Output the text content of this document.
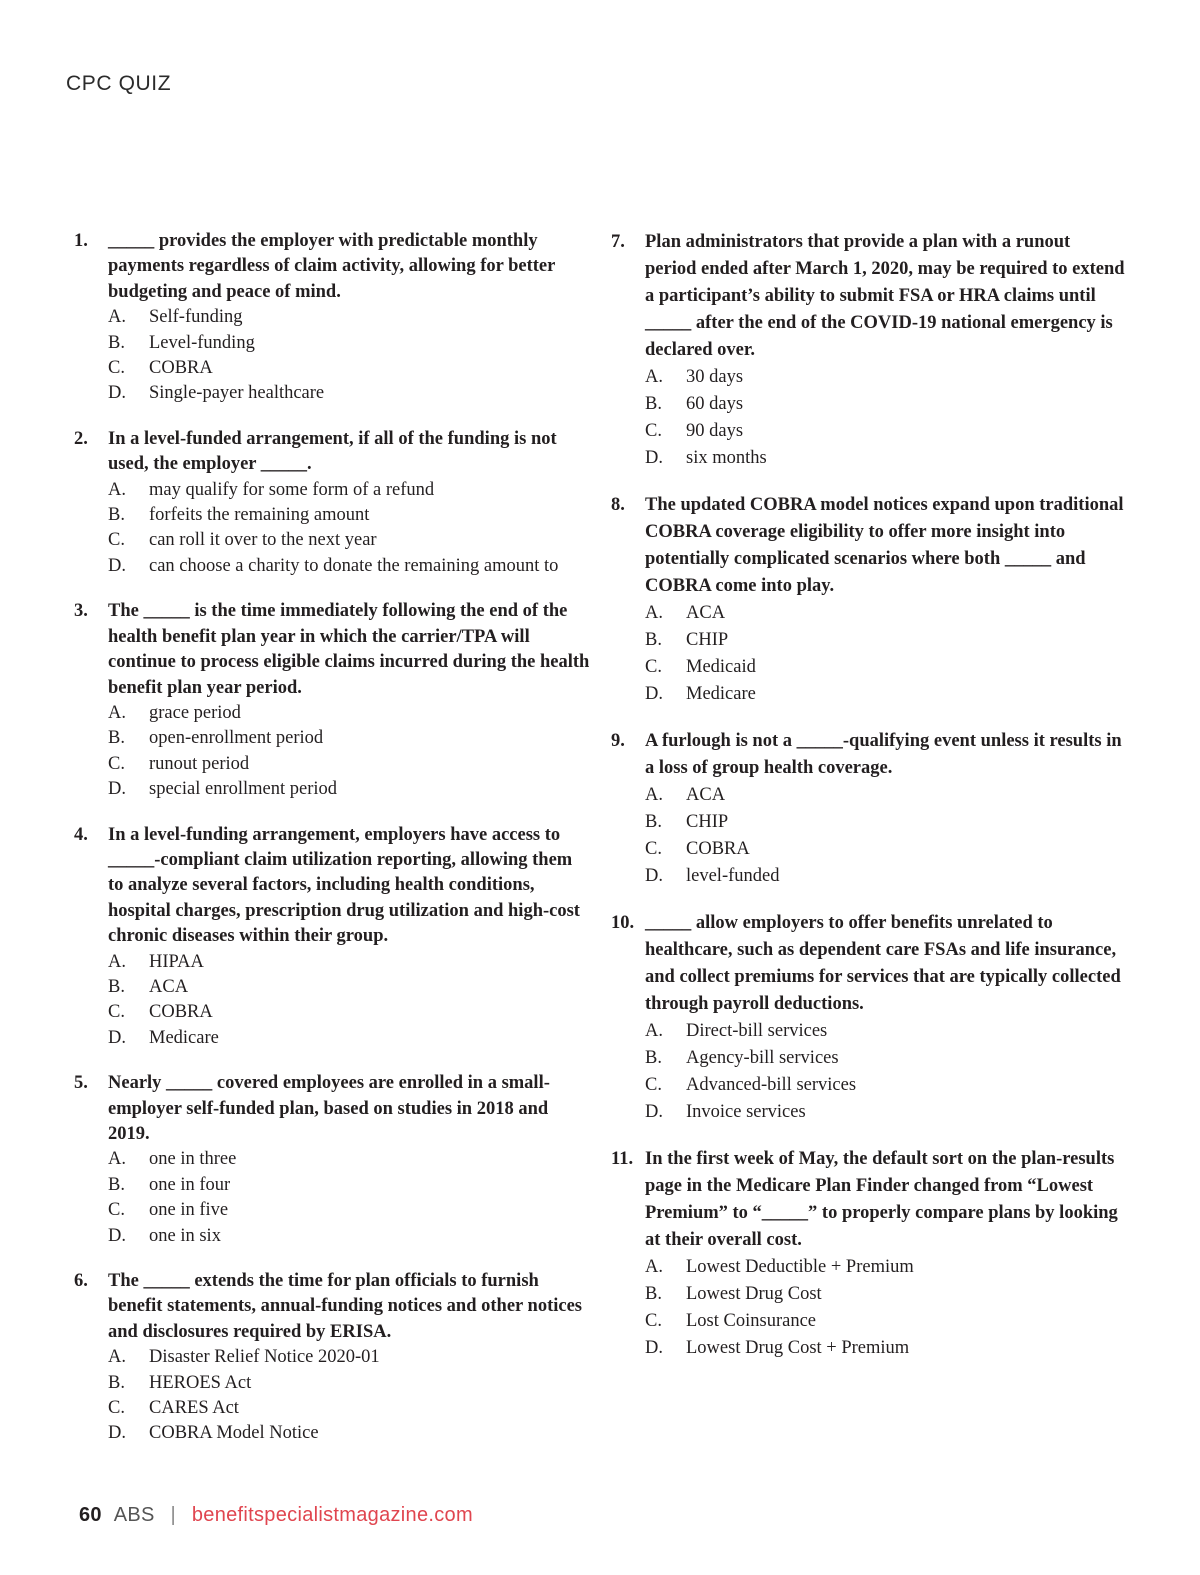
CPC QUIZ
1.	_____ provides the employer with predictable monthly payments regardless of claim activity, allowing for better budgeting and peace of mind.
A.	Self-funding
B.	Level-funding
C.	COBRA
D.	Single-payer healthcare
2.	In a level-funded arrangement, if all of the funding is not used, the employer _____.
A.	may qualify for some form of a refund
B.	forfeits the remaining amount
C.	can roll it over to the next year
D.	can choose a charity to donate the remaining amount to
3.	The _____ is the time immediately following the end of the health benefit plan year in which the carrier/TPA will continue to process eligible claims incurred during the health benefit plan year period.
A.	grace period
B.	open-enrollment period
C.	runout period
D.	special enrollment period
4.	In a level-funding arrangement, employers have access to _____-compliant claim utilization reporting, allowing them to analyze several factors, including health conditions, hospital charges, prescription drug utilization and high-cost chronic diseases within their group.
A.	HIPAA
B.	ACA
C.	COBRA
D.	Medicare
5.	Nearly _____ covered employees are enrolled in a small-employer self-funded plan, based on studies in 2018 and 2019.
A.	one in three
B.	one in four
C.	one in five
D.	one in six
6.	The _____ extends the time for plan officials to furnish benefit statements, annual-funding notices and other notices and disclosures required by ERISA.
A.	Disaster Relief Notice 2020-01
B.	HEROES Act
C.	CARES Act
D.	COBRA Model Notice
7.	Plan administrators that provide a plan with a runout period ended after March 1, 2020, may be required to extend a participant’s ability to submit FSA or HRA claims until _____ after the end of the COVID-19 national emergency is declared over.
A.	30 days
B.	60 days
C.	90 days
D.	six months
8.	The updated COBRA model notices expand upon traditional COBRA coverage eligibility to offer more insight into potentially complicated scenarios where both _____ and COBRA come into play.
A.	ACA
B.	CHIP
C.	Medicaid
D.	Medicare
9.	A furlough is not a _____-qualifying event unless it results in a loss of group health coverage.
A.	ACA
B.	CHIP
C.	COBRA
D.	level-funded
10. _____ allow employers to offer benefits unrelated to healthcare, such as dependent care FSAs and life insurance, and collect premiums for services that are typically collected through payroll deductions.
A.	Direct-bill services
B.	Agency-bill services
C.	Advanced-bill services
D.	Invoice services
11. In the first week of May, the default sort on the plan-results page in the Medicare Plan Finder changed from “Lowest Premium” to “_____” to properly compare plans by looking at their overall cost.
A.	Lowest Deductible + Premium
B.	Lowest Drug Cost
C.	Lost Coinsurance
D.	Lowest Drug Cost + Premium
60 ABS | benefitspecialistmagazine.com
